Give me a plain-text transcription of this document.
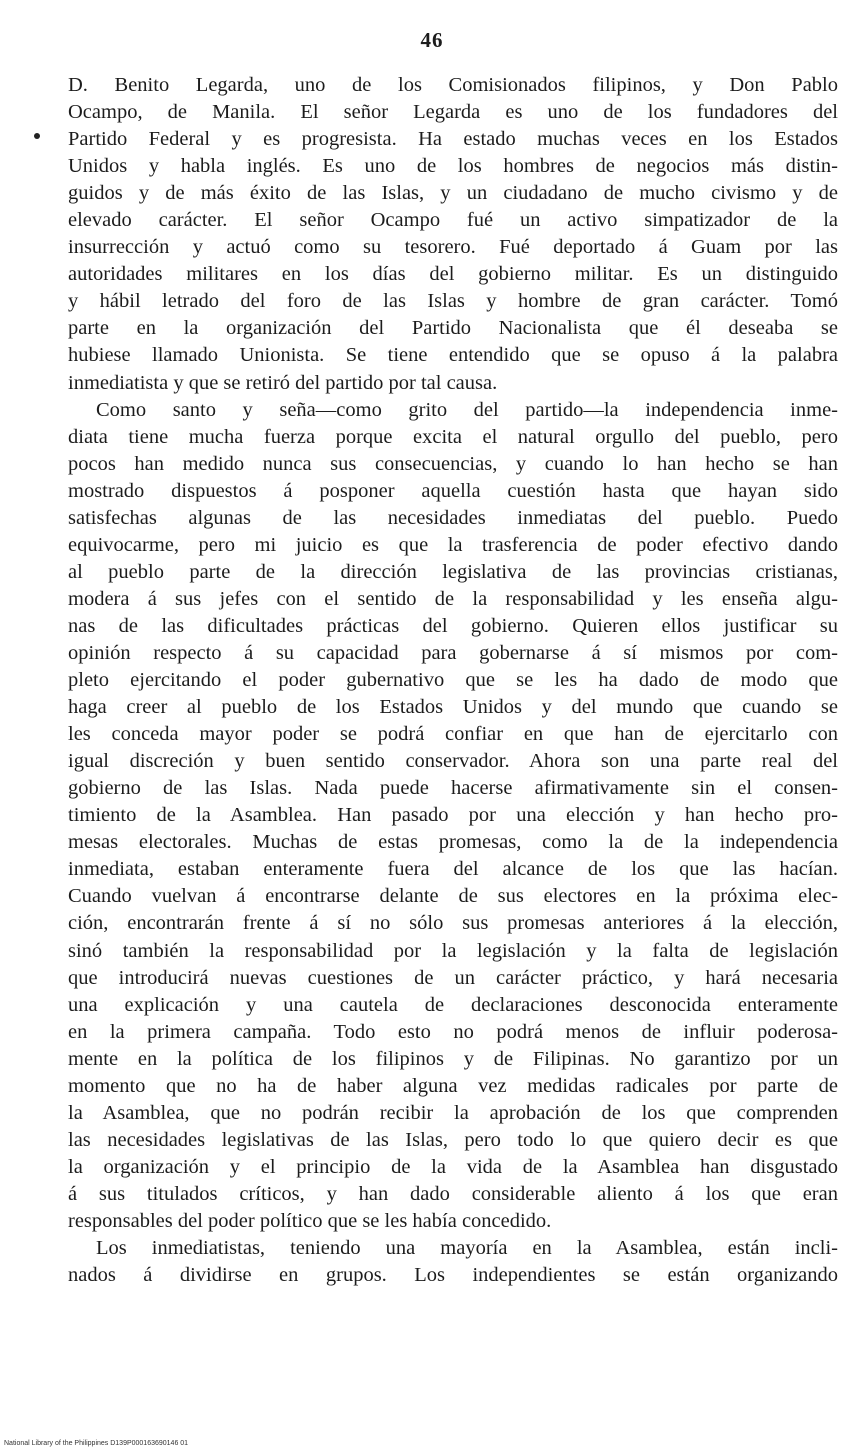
46
D. Benito Legarda, uno de los Comisionados filipinos, y Don Pablo
Ocampo, de Manila. El señor Legarda es uno de los fundadores del
Partido Federal y es progresista. Ha estado muchas veces en los Estados
Unidos y habla inglés. Es uno de los hombres de negocios más distin-
guidos y de más éxito de las Islas, y un ciudadano de mucho civismo y de
elevado carácter. El señor Ocampo fué un activo simpatizador de la
insurrección y actuó como su tesorero. Fué deportado á Guam por las
autoridades militares en los días del gobierno militar. Es un distinguido
y hábil letrado del foro de las Islas y hombre de gran carácter. Tomó
parte en la organización del Partido Nacionalista que él deseaba se
hubiese llamado Unionista. Se tiene entendido que se opuso á la palabra
inmediatista y que se retiró del partido por tal causa.
Como santo y seña—como grito del partido—la independencia inme-
diata tiene mucha fuerza porque excita el natural orgullo del pueblo, pero
pocos han medido nunca sus consecuencias, y cuando lo han hecho se han
mostrado dispuestos á posponer aquella cuestión hasta que hayan sido
satisfechas algunas de las necesidades inmediatas del pueblo. Puedo
equivocarme, pero mi juicio es que la trasferencia de poder efectivo dando
al pueblo parte de la dirección legislativa de las provincias cristianas,
modera á sus jefes con el sentido de la responsabilidad y les enseña algu-
nas de las dificultades prácticas del gobierno. Quieren ellos justificar su
opinión respecto á su capacidad para gobernarse á sí mismos por com-
pleto ejercitando el poder gubernativo que se les ha dado de modo que
haga creer al pueblo de los Estados Unidos y del mundo que cuando se
les conceda mayor poder se podrá confiar en que han de ejercitarlo con
igual discreción y buen sentido conservador. Ahora son una parte real del
gobierno de las Islas. Nada puede hacerse afirmativamente sin el consen-
timiento de la Asamblea. Han pasado por una elección y han hecho pro-
mesas electorales. Muchas de estas promesas, como la de la independencia
inmediata, estaban enteramente fuera del alcance de los que las hacían.
Cuando vuelvan á encontrarse delante de sus electores en la próxima elec-
ción, encontrarán frente á sí no sólo sus promesas anteriores á la elección,
sinó también la responsabilidad por la legislación y la falta de legislación
que introducirá nuevas cuestiones de un carácter práctico, y hará necesaria
una explicación y una cautela de declaraciones desconocida enteramente
en la primera campaña. Todo esto no podrá menos de influir poderosa-
mente en la política de los filipinos y de Filipinas. No garantizo por un
momento que no ha de haber alguna vez medidas radicales por parte de
la Asamblea, que no podrán recibir la aprobación de los que comprenden
las necesidades legislativas de las Islas, pero todo lo que quiero decir es que
la organización y el principio de la vida de la Asamblea han disgustado
á sus titulados críticos, y han dado considerable aliento á los que eran
responsables del poder político que se les había concedido.
Los inmediatistas, teniendo una mayoría en la Asamblea, están incli-
nados á dividirse en grupos. Los independientes se están organizando
National Library of the Philippines D139P000163690146 01
